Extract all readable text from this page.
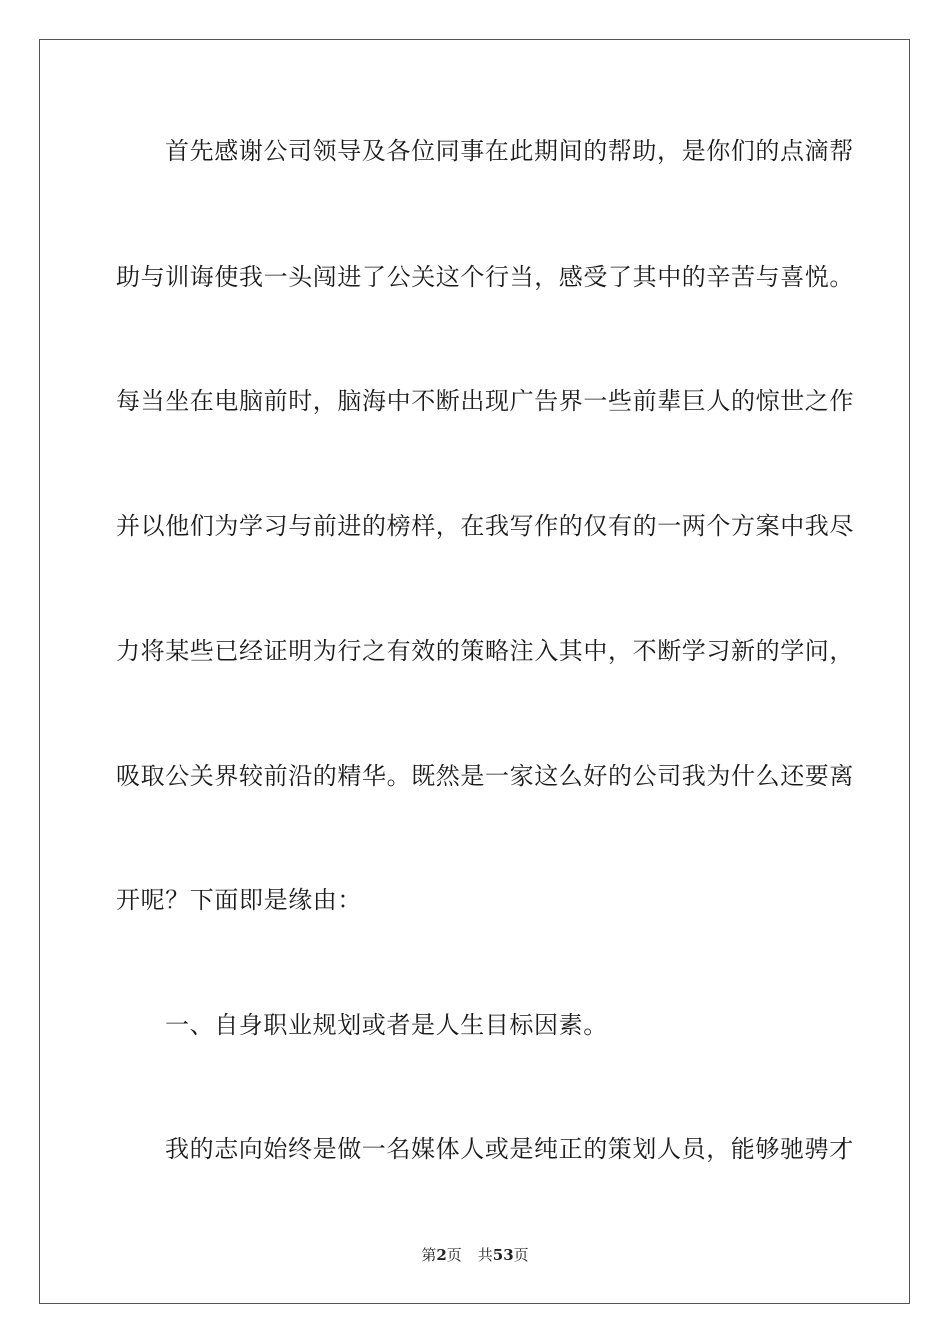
首先感谢公司领导及各位同事在此期间的帮助，是你们的点滴帮
助与训诲使我一头闯进了公关这个行当，感受了其中的辛苦与喜悦。
每当坐在电脑前时，脑海中不断出现广告界一些前辈巨人的惊世之作
并以他们为学习与前进的榜样，在我写作的仅有的一两个方案中我尽
力将某些已经证明为行之有效的策略注入其中，不断学习新的学问，
吸取公关界较前沿的精华。既然是一家这么好的公司我为什么还要离
开呢？下面即是缘由：
一、自身职业规划或者是人生目标因素。
我的志向始终是做一名媒体人或是纯正的策划人员，能够驰骋才
第2页 共53页
